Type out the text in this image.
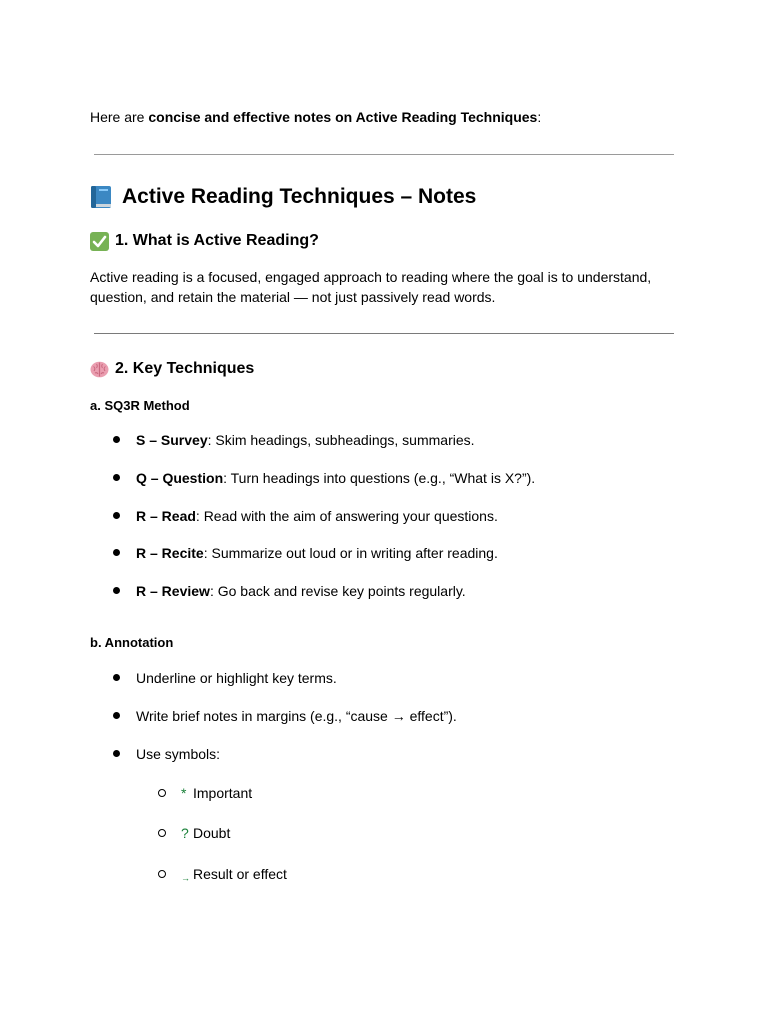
Here are concise and effective notes on Active Reading Techniques:
Active Reading Techniques – Notes
1. What is Active Reading?
Active reading is a focused, engaged approach to reading where the goal is to understand, question, and retain the material — not just passively read words.
2. Key Techniques
a. SQ3R Method
S – Survey: Skim headings, subheadings, summaries.
Q – Question: Turn headings into questions (e.g., “What is X?”).
R – Read: Read with the aim of answering your questions.
R – Recite: Summarize out loud or in writing after reading.
R – Review: Go back and revise key points regularly.
b. Annotation
Underline or highlight key terms.
Write brief notes in margins (e.g., “cause → effect”).
Use symbols:
* Important
? Doubt
→ Result or effect
